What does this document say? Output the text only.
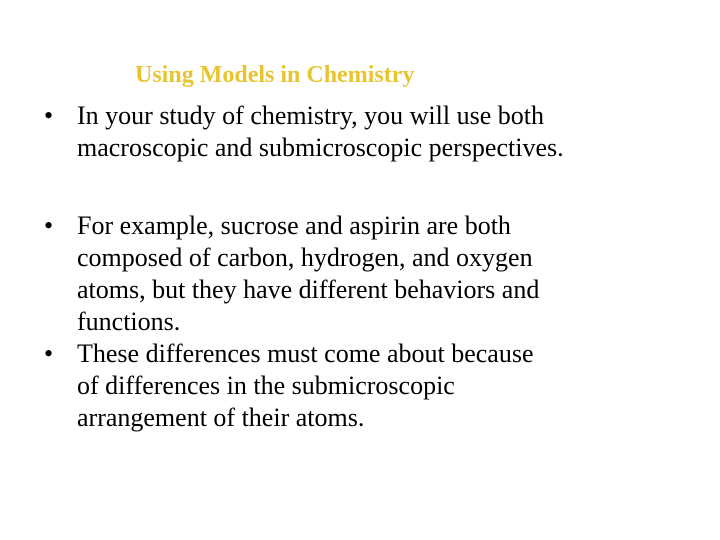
Using Models in Chemistry
• In your study of chemistry, you will use both
macroscopic and submicroscopic perspectives.
• For example, sucrose and aspirin are both
composed of carbon, hydrogen, and oxygen
atoms, but they have different behaviors and
functions.
• These differences must come about because
of differences in the submicroscopic
arrangement of their atoms.
